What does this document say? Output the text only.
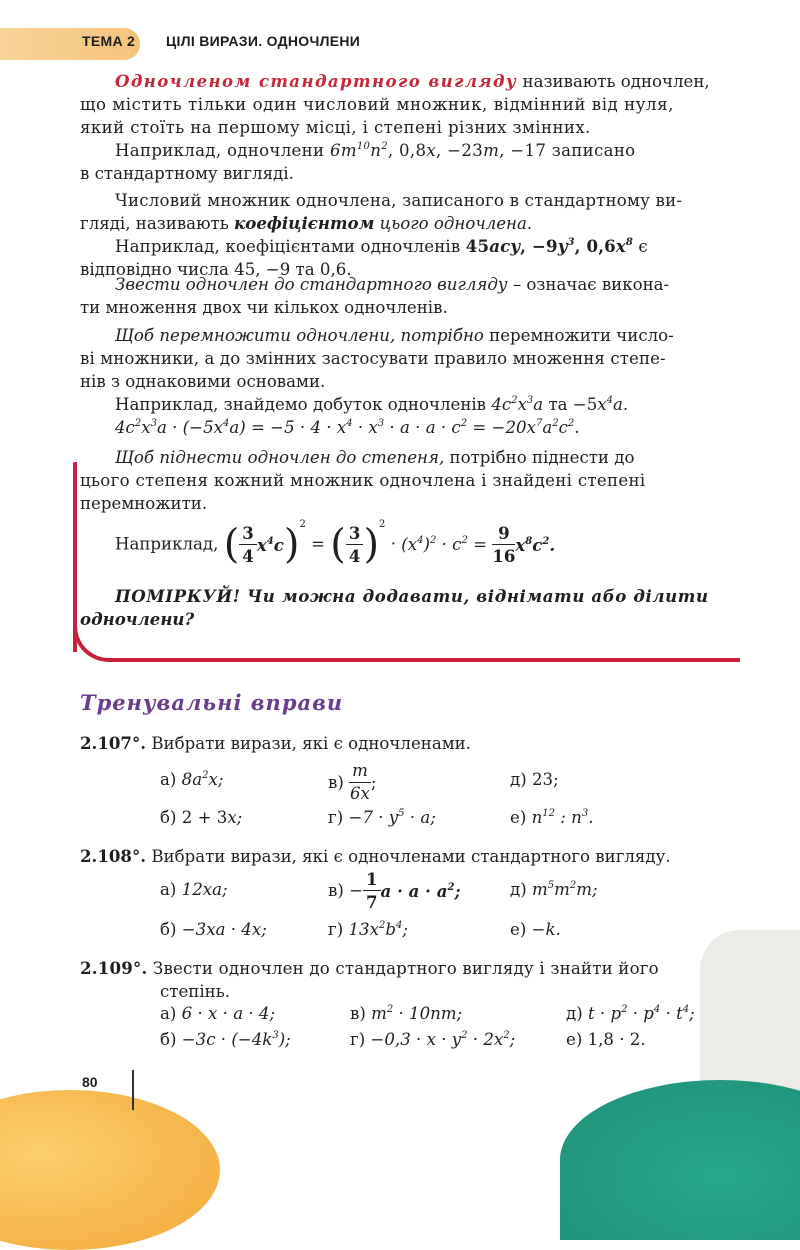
ТЕМА 2 ЦІЛІ ВИРАЗИ. ОДНОЧЛЕНИ
Одночленом стандартного вигляду називають одночлен,
що містить тільки один числовий множник, відмінний від нуля,
який стоїть на першому місці, і степені різних змінних.
Наприклад, одночлени $6m^{10}n^2$, 0,8x, −23m, −17 записано
в стандартному вигляді.
Числовий множник одночлена, записаного в стандартному ви-
гляді, називають коефіцієнтом цього одночлена.
Наприклад, коефіцієнтами одночленів 45acy, $-9y^3$, $0,6x^8$ є
відповідно числа 45, −9 та 0,6.
Звести одночлен до стандартного вигляду – означає викона-
ти множення двох чи кількох одночленів.
Щоб перемножити одночлени, потрібно перемножити число-
ві множники, а до змінних застосувати правило множення степе-
нів з однаковими основами.
Наприклад, знайдемо добуток одночленів $4c^2x^3a$ та $-5x^4a$.
$4c^2x^3a \cdot (-5x^4a) = -5 \cdot 4 \cdot x^4 \cdot x^3 \cdot a \cdot a \cdot c^2 = -20x^7a^2c^2$.
Щоб піднести одночлен до степеня, потрібно піднести до
цього степеня кожний множник одночлена і знайдені степені
перемножити.
Наприклад, ( $\frac{3}{4} x^4c)^2$ = ( $\frac{3}{4} )^2 \cdot (x^4)^2 \cdot c^2 = \frac{9}{16} x^8c^2$.
ПОМІРКУЙ! Чи можна додавати, віднімати або ділити
одночлени?
Тренувальні вправи
2.107°. Вибрати вирази, які є одночленами.
а) $8a^2x$;	$в) \frac{m}{6x}$ ;	д) 23;
б) 2 + 3x;	$г) -7 \cdot y^5 \cdot a$;	е) $n^{12}$ : $n^3$.
2.108°. Вибрати вирази, які є одночленами стандартного вигляду.
а) 12xa;	$в) - \frac{1}{7}$ $a \cdot a \cdot a^2$;	д) $m^5m^2m$;
б) −3xa · 4x;	г) $13x^2b^4$;	е) −k.
2.109°. Звести одночлен до стандартного вигляду і знайти його
степінь.
а) 6 · x · a · 4;	в) $m^2 \cdot 10nm$;	д) $t \cdot p^2 \cdot p^4 \cdot t^4$;
$б) -3c \cdot (-4k^3)$;	$г) -0,3 \cdot x \cdot y^2 \cdot 2x^2$;	е) 1,8 · 2.
80
